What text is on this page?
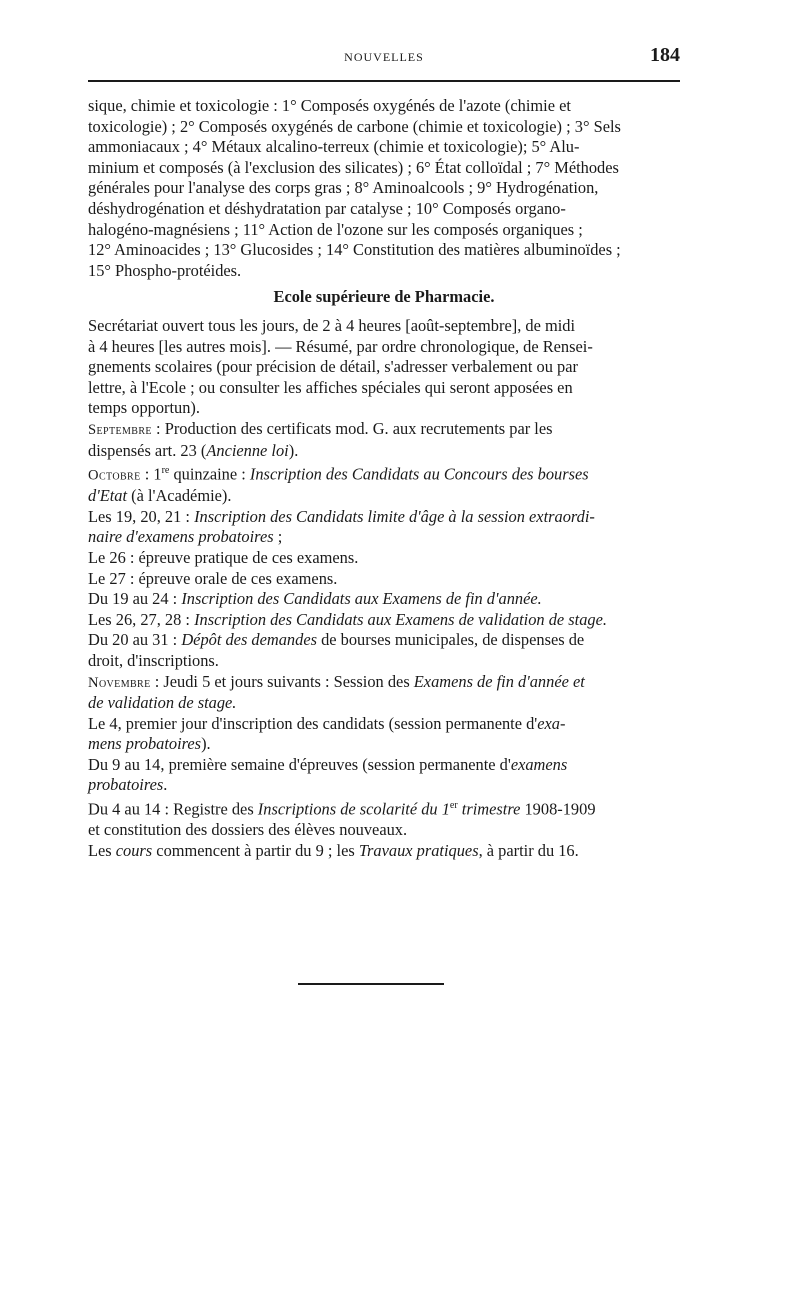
NOUVELLES	184

sique, chimie et toxicologie : 1° Composés oxygénés de l'azote (chimie et
toxicologie) ; 2° Composés oxygénés de carbone (chimie et toxicologie) ; 3° Sels
ammoniacaux ; 4° Métaux alcalino-terreux (chimie et toxicologie); 5° Alu-
minium et composés (à l'exclusion des silicates) ; 6° État colloïdal ; 7° Méthodes
générales pour l'analyse des corps gras ; 8° Aminoalcools ; 9° Hydrogénation,
déshydrogénation et déshydratation par catalyse ; 10° Composés organo-
halogéno-magnésiens ; 11° Action de l'ozone sur les composés organiques ;
12° Aminoacides ; 13° Glucosides ; 14° Constitution des matières albuminoïdes ;
15° Phospho-protéides.

Ecole supérieure de Pharmacie.

Secrétariat ouvert tous les jours, de 2 à 4 heures [août-septembre], de midi
à 4 heures [les autres mois]. — Résumé, par ordre chronologique, de Rensei-
gnements scolaires (pour précision de détail, s'adresser verbalement ou par
lettre, à l'Ecole ; ou consulter les affiches spéciales qui seront apposées en
temps opportun).

Septembre : Production des certificats mod. G. aux recrutements par les
dispensés art. 23 (Ancienne loi).

Octobre : 1re quinzaine : Inscription des Candidats au Concours des bourses
d'Etat (à l'Académie).

Les 19, 20, 21 : Inscription des Candidats limite d'âge à la session extraordi-
naire d'examens probatoires ;

Le 26 : épreuve pratique de ces examens.

Le 27 : épreuve orale de ces examens.

Du 19 au 24 : Inscription des Candidats aux Examens de fin d'année.

Les 26, 27, 28 : Inscription des Candidats aux Examens de validation de stage.

Du 20 au 31 : Dépôt des demandes de bourses municipales, de dispenses de
droit, d'inscriptions.

Novembre : Jeudi 5 et jours suivants : Session des Examens de fin d'année et
de validation de stage.

Le 4, premier jour d'inscription des candidats (session permanente d'exa-
mens probatoires).

Du 9 au 14, première semaine d'épreuves (session permanente d'examens
probatoires.

Du 4 au 14 : Registre des Inscriptions de scolarité du 1er trimestre 1908-1909
et constitution des dossiers des élèves nouveaux.

Les cours commencent à partir du 9 ; les Travaux pratiques, à partir du 16.
